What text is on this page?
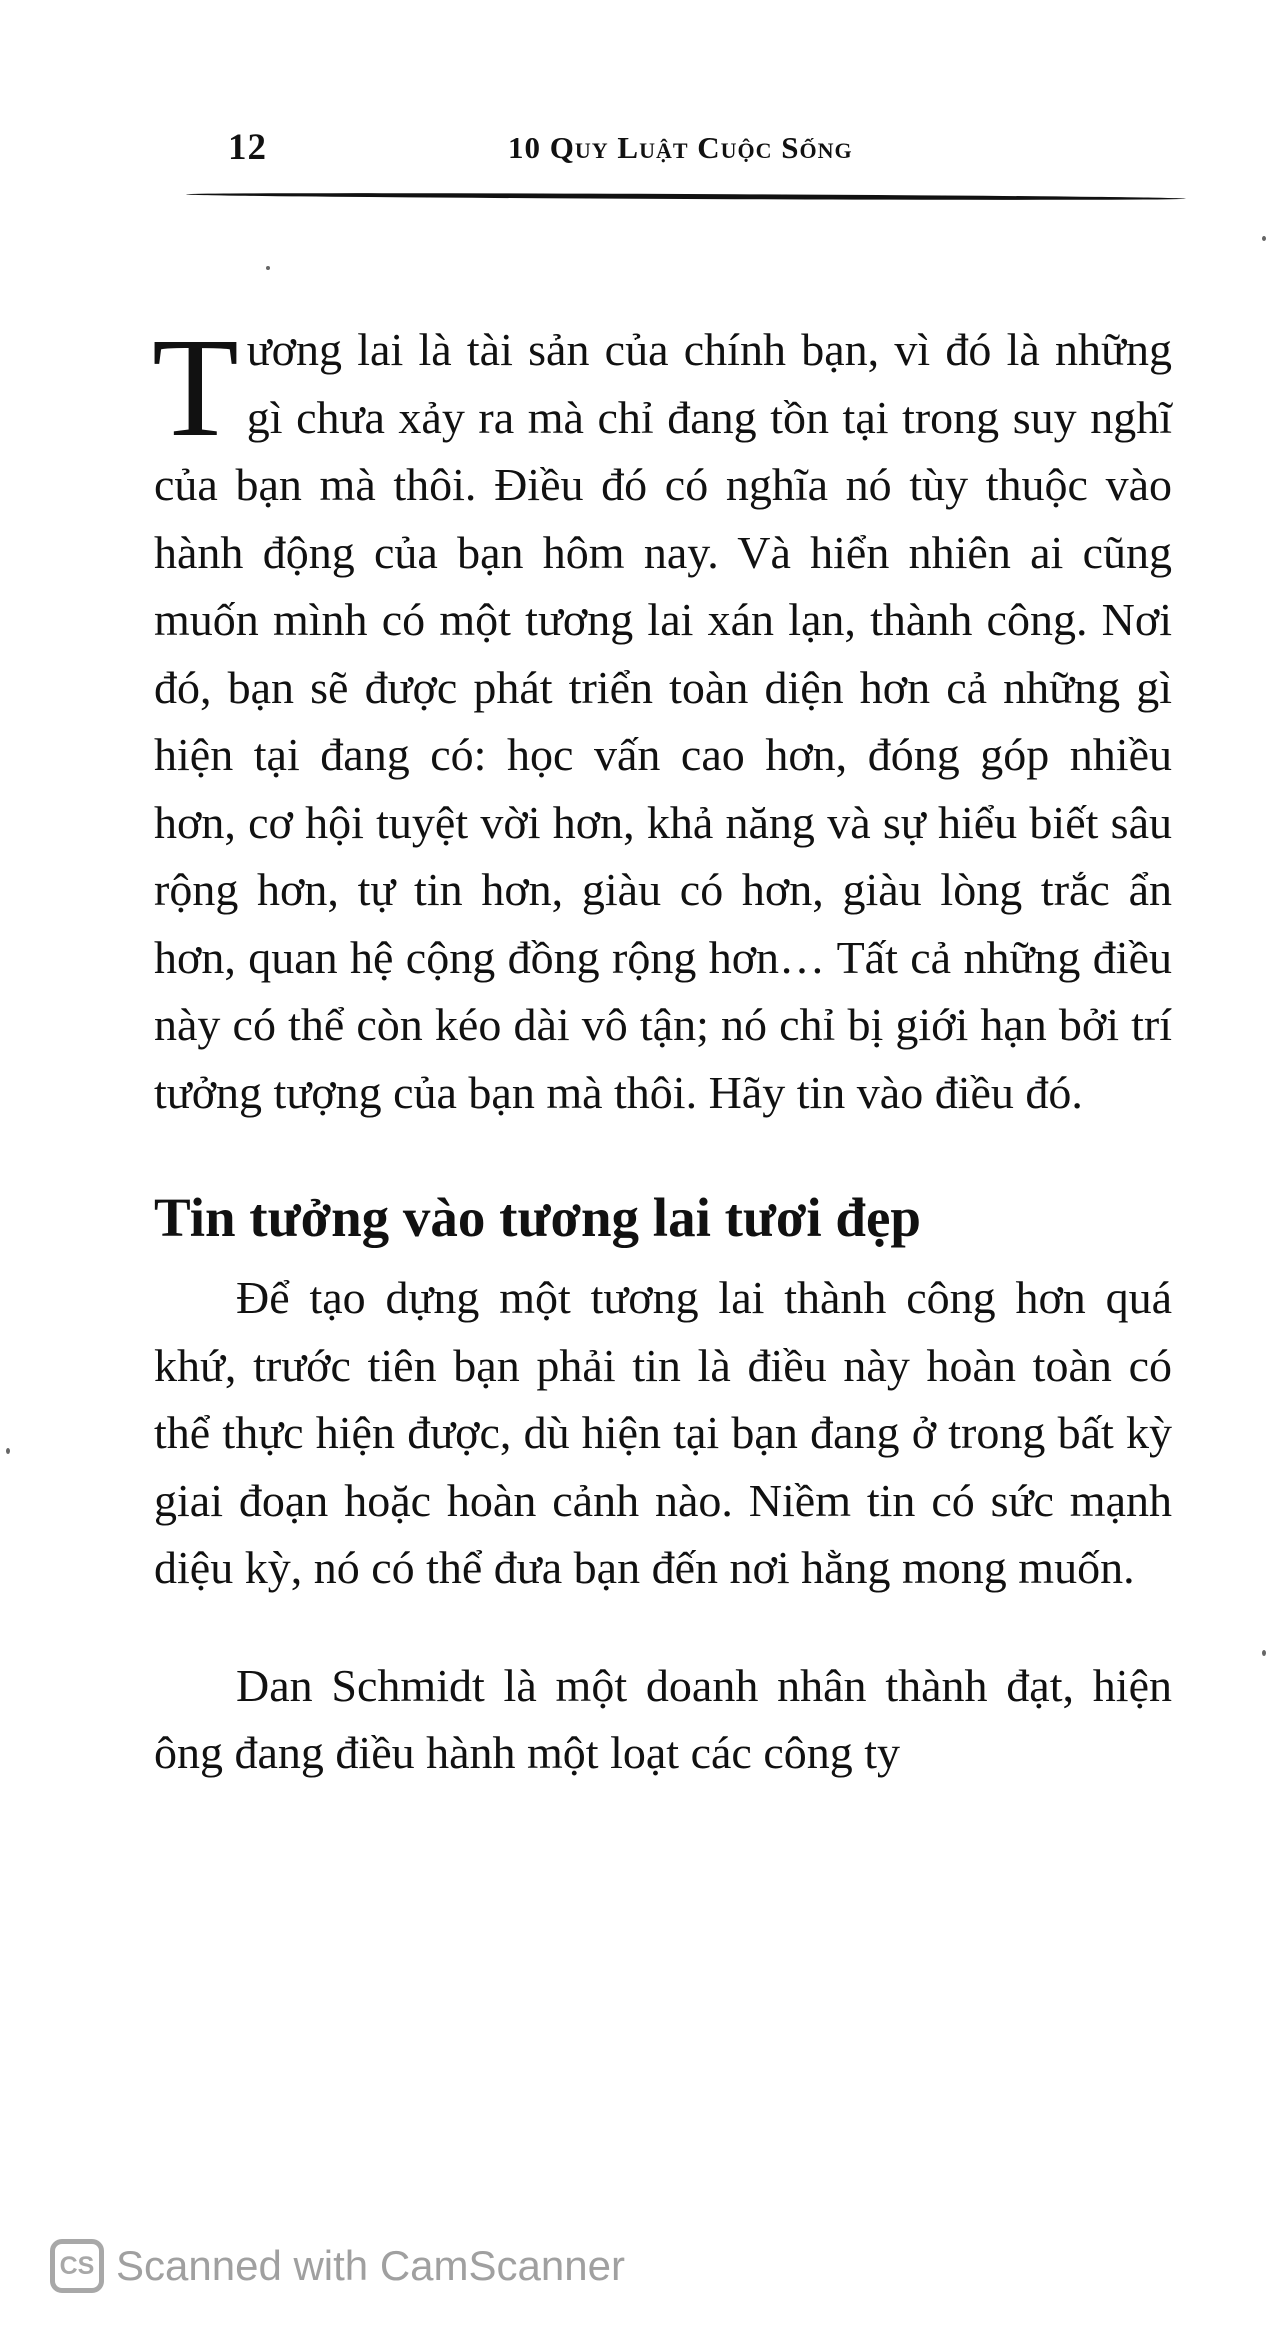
12	10 Quy Luật Cuộc Sống

Tương lai là tài sản của chính bạn, vì đó là những gì chưa xảy ra mà chỉ đang tồn tại trong suy nghĩ của bạn mà thôi. Điều đó có nghĩa nó tùy thuộc vào hành động của bạn hôm nay. Và hiển nhiên ai cũng muốn mình có một tương lai xán lạn, thành công. Nơi đó, bạn sẽ được phát triển toàn diện hơn cả những gì hiện tại đang có: học vấn cao hơn, đóng góp nhiều hơn, cơ hội tuyệt vời hơn, khả năng và sự hiểu biết sâu rộng hơn, tự tin hơn, giàu có hơn, giàu lòng trắc ẩn hơn, quan hệ cộng đồng rộng hơn… Tất cả những điều này có thể còn kéo dài vô tận; nó chỉ bị giới hạn bởi trí tưởng tượng của bạn mà thôi. Hãy tin vào điều đó.

Tin tưởng vào tương lai tươi đẹp

Để tạo dựng một tương lai thành công hơn quá khứ, trước tiên bạn phải tin là điều này hoàn toàn có thể thực hiện được, dù hiện tại bạn đang ở trong bất kỳ giai đoạn hoặc hoàn cảnh nào. Niềm tin có sức mạnh diệu kỳ, nó có thể đưa bạn đến nơi hằng mong muốn.

Dan Schmidt là một doanh nhân thành đạt, hiện ông đang điều hành một loạt các công ty

CS Scanned with CamScanner
